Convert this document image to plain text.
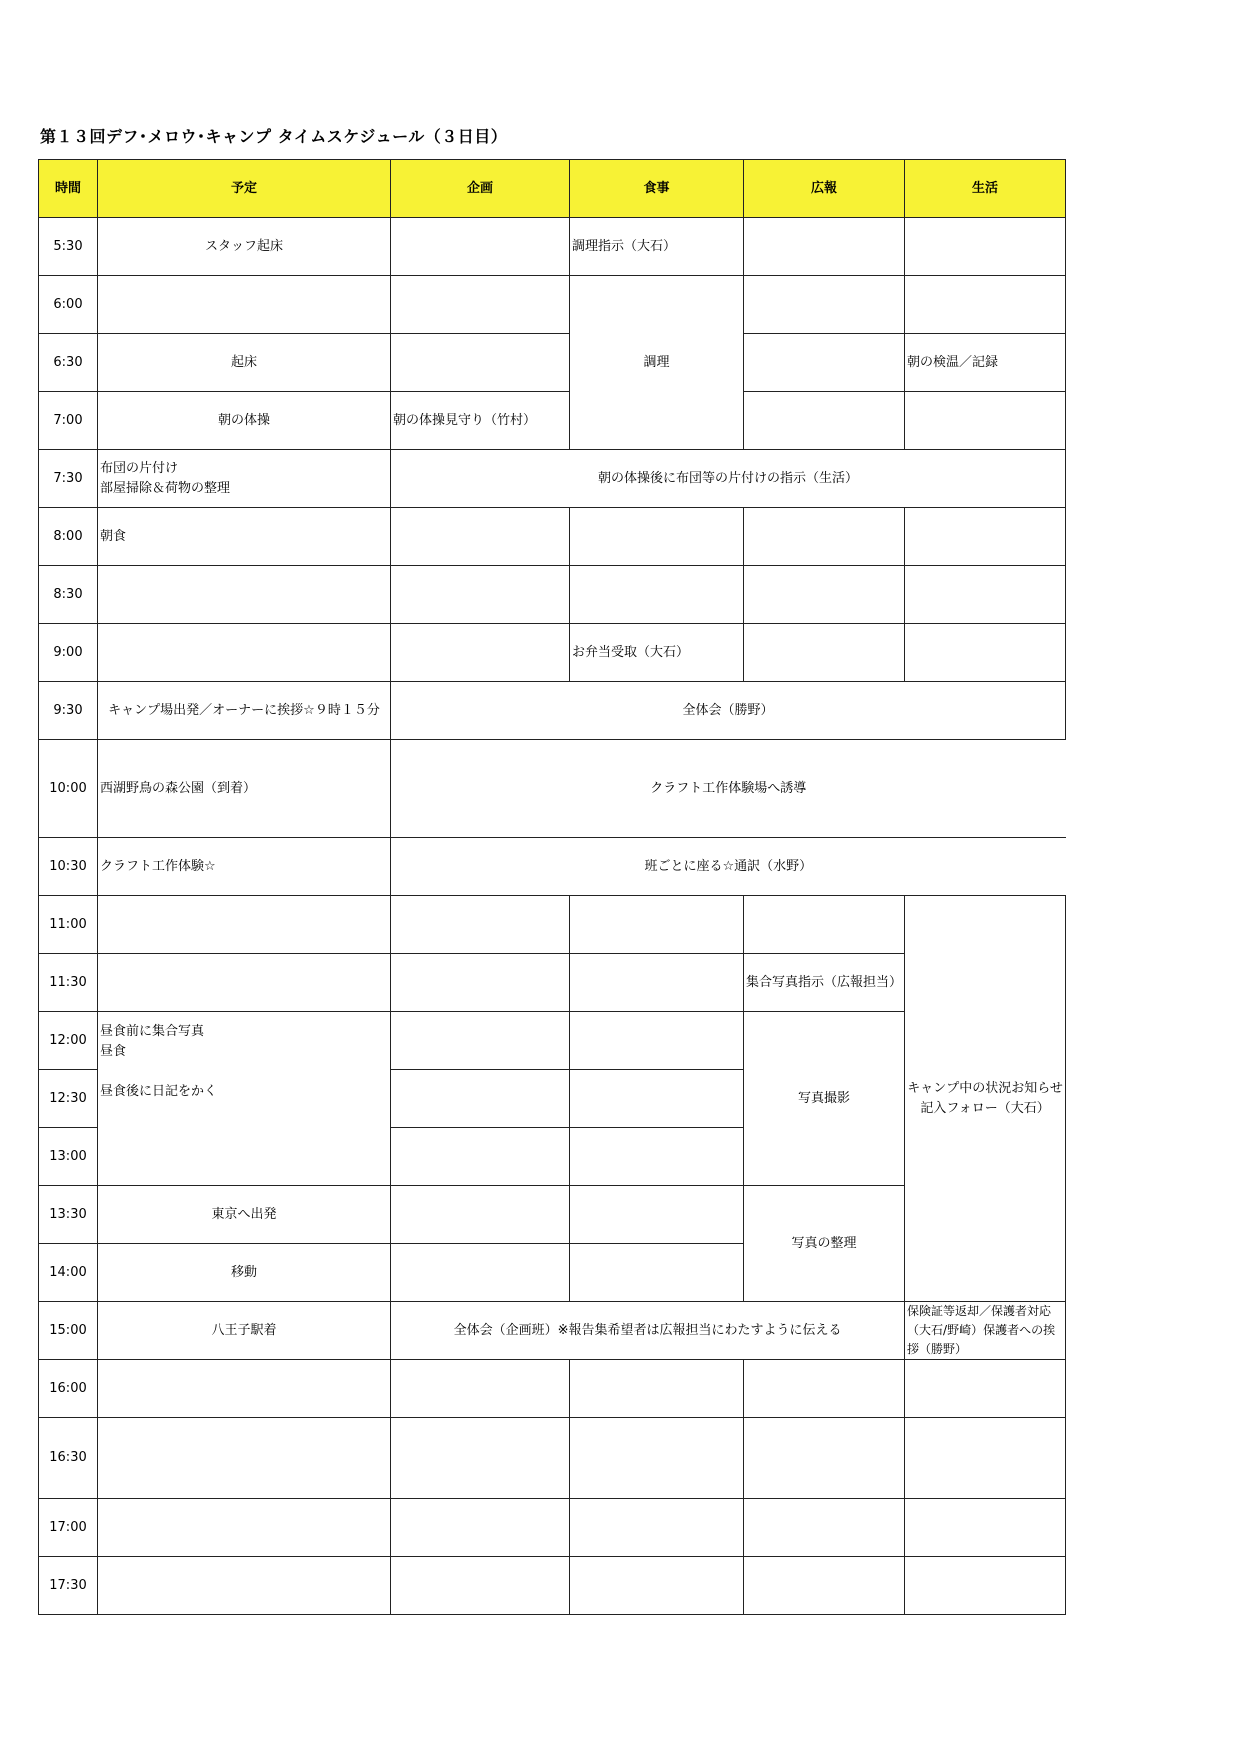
第１３回デフ･メロウ･キャンプ タイムスケジュール（３日目）
時間	予定	企画	食事	広報	生活
5:30	スタッフ起床		調理指示（大石）		
6:00			調理		
6:30	起床				朝の検温／記録
7:00	朝の体操	朝の体操見守り（竹村）			
7:30	布団の片付け
部屋掃除＆荷物の整理	朝の体操後に布団等の片付けの指示（生活）			
8:00	朝食				
8:30					
9:00			お弁当受取（大石）		
9:30	キャンプ場出発／オーナーに挨拶☆９時１５分	全体会（勝野）			
10:00	西湖野鳥の森公園（到着）	クラフト工作体験場へ誘導			
10:30	クラフト工作体験☆	班ごとに座る☆通訳（水野）			
11:00					キャンプ中の状況お知らせ記入フォロー（大石）
11:30				集合写真指示（広報担当）	
12:00	昼食前に集合写真
昼食

昼食後に日記をかく			写真撮影	
12:30					
13:00					
13:30	東京へ出発			写真の整理	
14:00	移動				
15:00	八王子駅着	全体会（企画班）※報告集希望者は広報担当にわたすように伝える			保険証等返却／保護者対応（大石/野崎）保護者への挨拶（勝野）
16:00					
16:30					
17:00					
17:30					
